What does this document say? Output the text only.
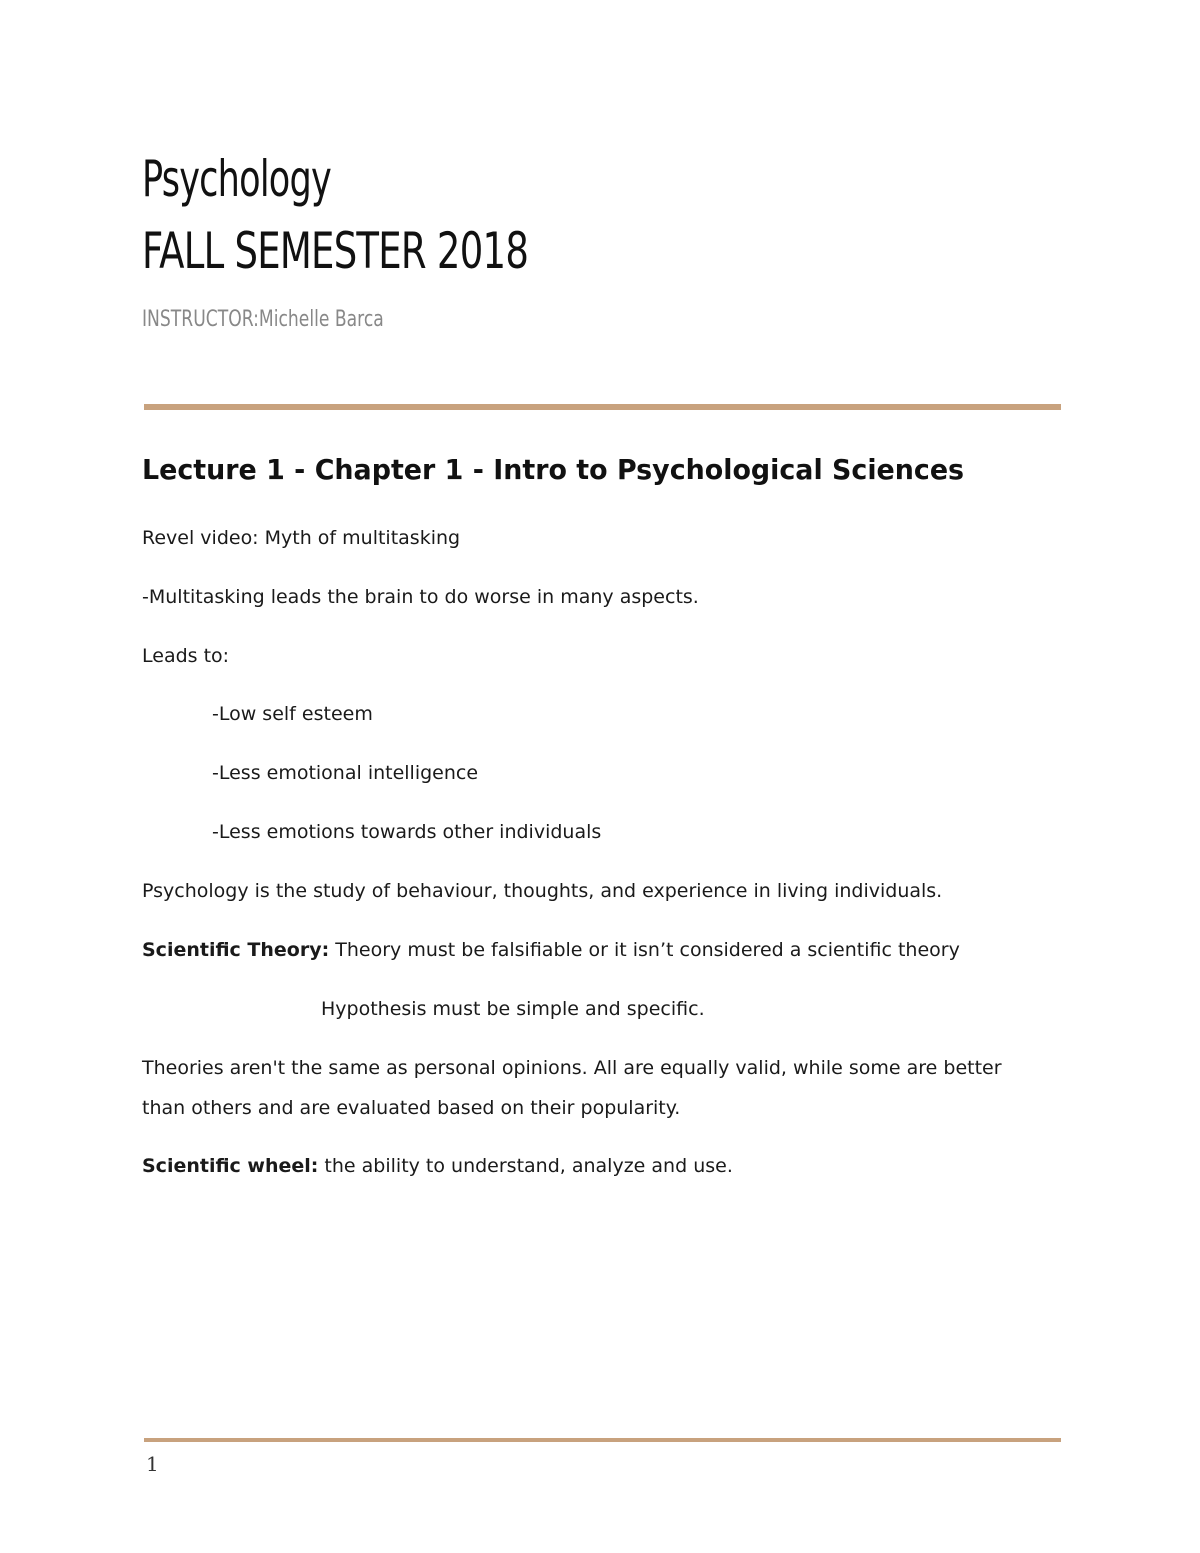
Psychology
FALL SEMESTER 2018
INSTRUCTOR:Michelle Barca
Lecture 1 - Chapter 1 - Intro to Psychological Sciences
Revel video: Myth of multitasking
-Multitasking leads the brain to do worse in many aspects.
Leads to:
-Low self esteem
-Less emotional intelligence
-Less emotions towards other individuals
Psychology is the study of behaviour, thoughts, and experience in living individuals.
Scientific Theory: Theory must be falsifiable or it isn’t considered a scientific theory
Hypothesis must be simple and specific.
Theories aren't the same as personal opinions. All are equally valid, while some are better
than others and are evaluated based on their popularity.
Scientific wheel: the ability to understand, analyze and use.
1
